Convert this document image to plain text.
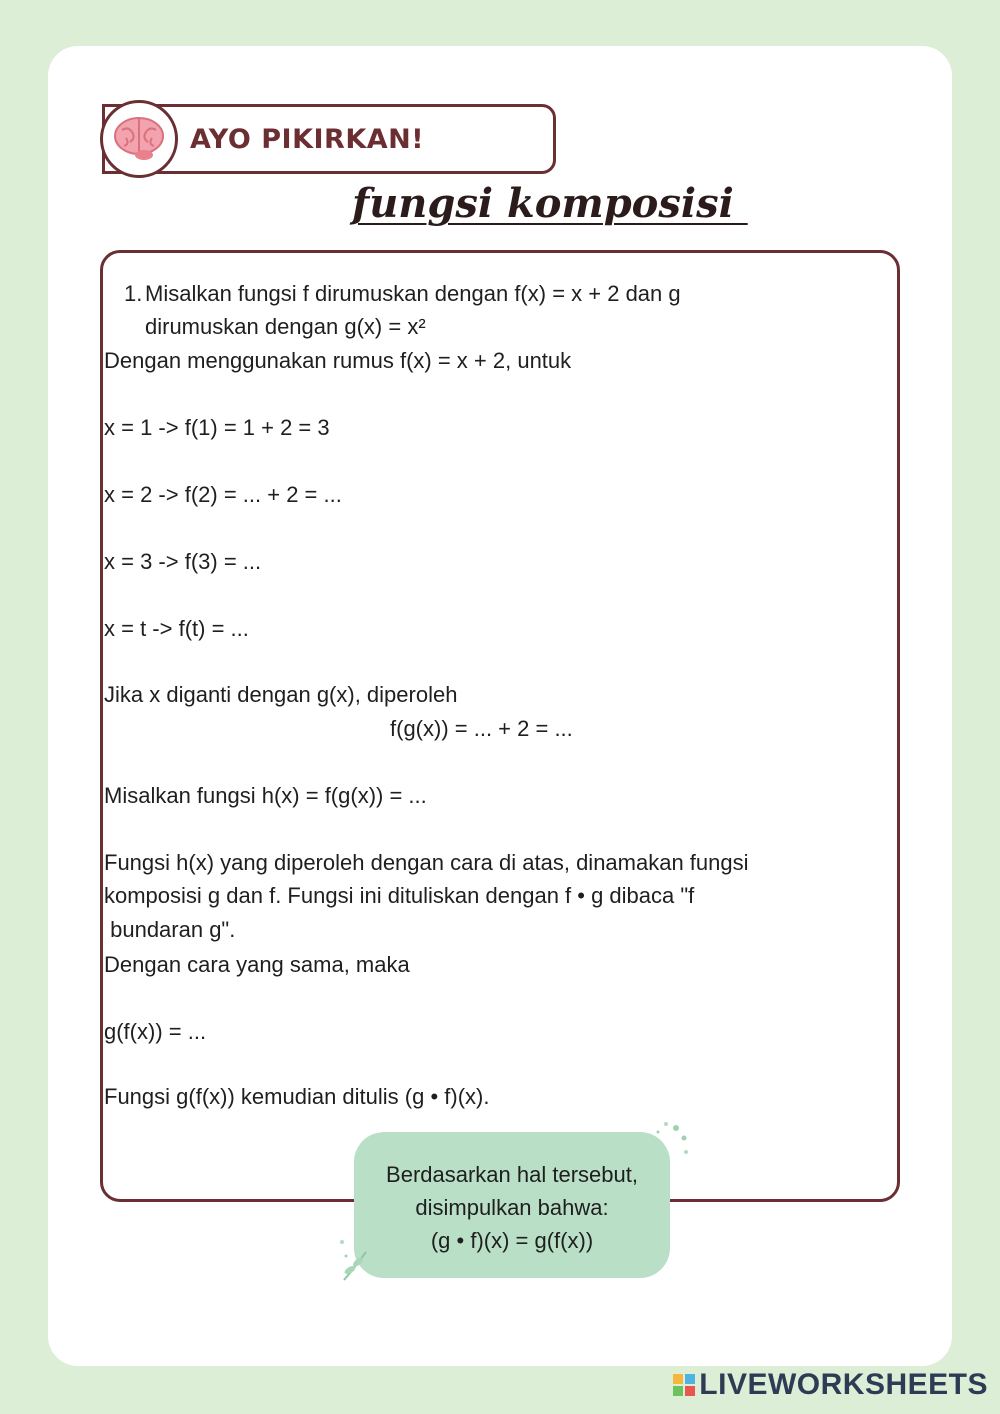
AYO PIKIRKAN!
fungsi komposisi
1. Misalkan fungsi f dirumuskan dengan f(x) = x + 2 dan g
dirumuskan dengan g(x) = x²
Dengan menggunakan rumus f(x) = x + 2, untuk
x = 1 -> f(1) = 1 + 2 = 3
x = 2 -> f(2) = ... + 2 = ...
x = 3 -> f(3) = ...
x = t -> f(t) = ...
Jika x diganti dengan g(x), diperoleh
f(g(x)) = ... + 2 = ...
Misalkan fungsi h(x) = f(g(x)) = ...
Fungsi h(x) yang diperoleh dengan cara di atas, dinamakan fungsi
komposisi g dan f. Fungsi ini dituliskan dengan f • g dibaca "f
bundaran g".
Dengan cara yang sama, maka
g(f(x)) = ...
Fungsi g(f(x)) kemudian ditulis (g • f)(x).
Berdasarkan hal tersebut,
disimpulkan bahwa:
(g • f)(x) = g(f(x))
LIVEWORKSHEETS
